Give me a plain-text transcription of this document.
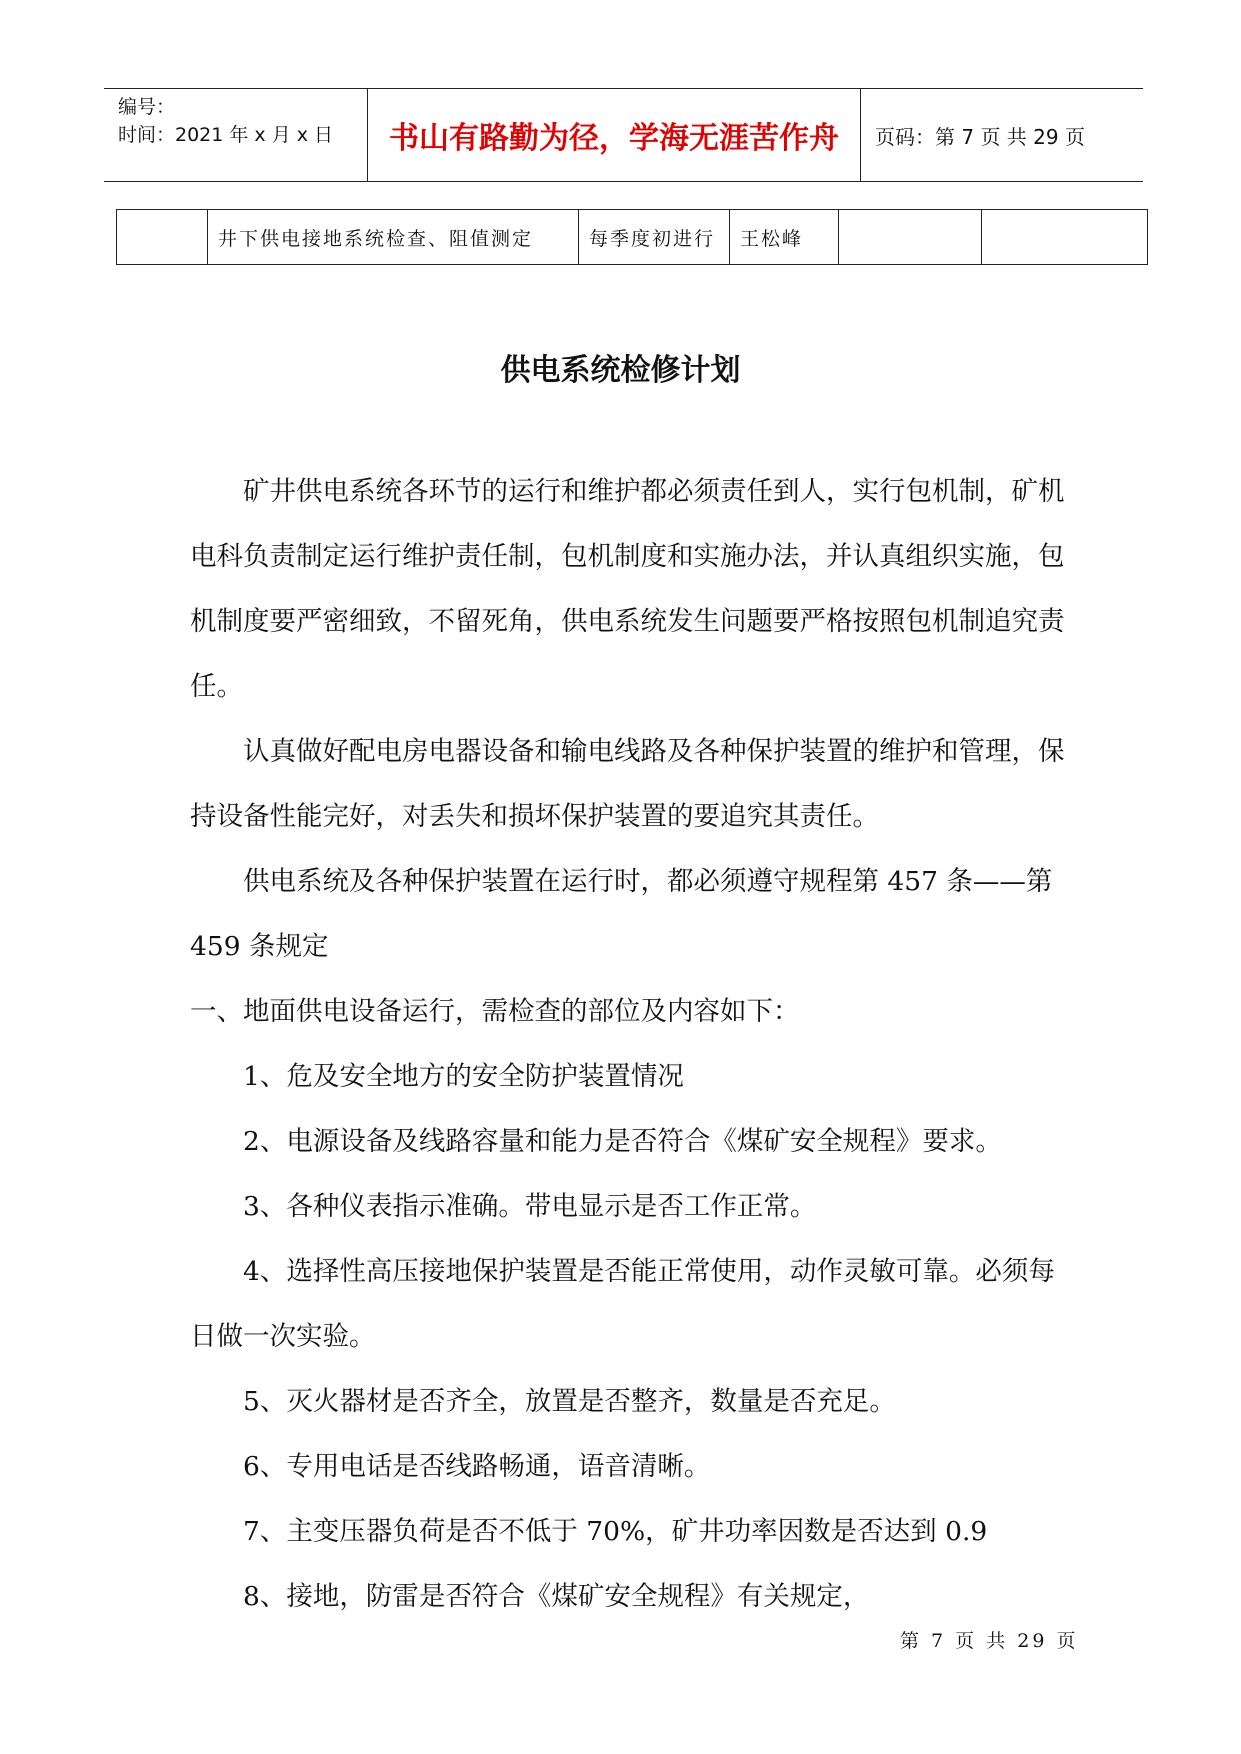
编号：
时间：2021 年 x 月 x 日	书山有路勤为径，学海无涯苦作舟	页码：第 7 页 共 29 页
	井下供电接地系统检查、阻值测定	每季度初进行	王松峰		
供电系统检修计划

矿井供电系统各环节的运行和维护都必须责任到人，实行包机制，矿机电科负责制定运行维护责任制，包机制度和实施办法，并认真组织实施，包机制度要严密细致，不留死角，供电系统发生问题要严格按照包机制追究责任。

认真做好配电房电器设备和输电线路及各种保护装置的维护和管理，保持设备性能完好，对丢失和损坏保护装置的要追究其责任。

供电系统及各种保护装置在运行时，都必须遵守规程第 457 条——第 459 条规定

一、地面供电设备运行，需检查的部位及内容如下：

1、危及安全地方的安全防护装置情况

2、电源设备及线路容量和能力是否符合《煤矿安全规程》要求。

3、各种仪表指示准确。带电显示是否工作正常。

4、选择性高压接地保护装置是否能正常使用，动作灵敏可靠。必须每日做一次实验。

5、灭火器材是否齐全，放置是否整齐，数量是否充足。

6、专用电话是否线路畅通，语音清晰。

7、主变压器负荷是否不低于 70%，矿井功率因数是否达到 0.9

8、接地，防雷是否符合《煤矿安全规程》有关规定，

第 7 页 共 29 页
